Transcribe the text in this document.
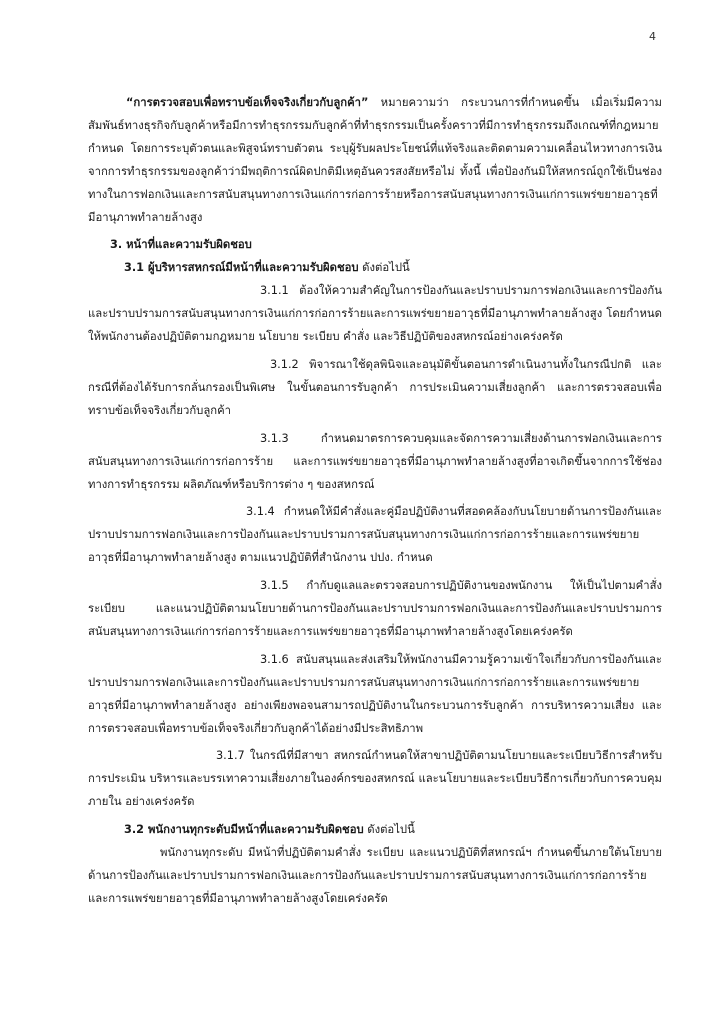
4

“การตรวจสอบเพื่อทราบข้อเท็จจริงเกี่ยวกับลูกค้า” หมายความว่า กระบวนการที่กำหนดขึ้น เมื่อเริ่มมีความสัมพันธ์ทางธุรกิจกับลูกค้าหรือมีการทำธุรกรรมกับลูกค้าที่ทำธุรกรรมเป็นครั้งคราวที่มีการทำธุรกรรมถึงเกณฑ์ที่กฎหมายกำหนด โดยการระบุตัวตนและพิสูจน์ทราบตัวตน ระบุผู้รับผลประโยชน์ที่แท้จริงและติดตามความเคลื่อนไหวทางการเงินจากการทำธุรกรรมของลูกค้าว่ามีพฤติการณ์ผิดปกติมีเหตุอันควรสงสัยหรือไม่ ทั้งนี้ เพื่อป้องกันมิให้สหกรณ์ถูกใช้เป็นช่องทางในการฟอกเงินและการสนับสนุนทางการเงินแก่การก่อการร้ายหรือการสนับสนุนทางการเงินแก่การแพร่ขยายอาวุธที่มีอานุภาพทำลายล้างสูง

3. หน้าที่และความรับผิดชอบ

3.1 ผู้บริหารสหกรณ์มีหน้าที่และความรับผิดชอบ ดังต่อไปนี้

3.1.1 ต้องให้ความสำคัญในการป้องกันและปราบปรามการฟอกเงินและการป้องกันและปราบปรามการสนับสนุนทางการเงินแก่การก่อการร้ายและการแพร่ขยายอาวุธที่มีอานุภาพทำลายล้างสูง โดยกำหนดให้พนักงานต้องปฏิบัติตามกฎหมาย นโยบาย ระเบียบ คำสั่ง และวิธีปฏิบัติของสหกรณ์อย่างเคร่งครัด

3.1.2 พิจารณาใช้ดุลพินิจและอนุมัติขั้นตอนการดำเนินงานทั้งในกรณีปกติ และกรณีที่ต้องได้รับการกลั่นกรองเป็นพิเศษ ในขั้นตอนการรับลูกค้า การประเมินความเสี่ยงลูกค้า และการตรวจสอบเพื่อทราบข้อเท็จจริงเกี่ยวกับลูกค้า

3.1.3 กำหนดมาตรการควบคุมและจัดการความเสี่ยงด้านการฟอกเงินและการสนับสนุนทางการเงินแก่การก่อการร้าย และการแพร่ขยายอาวุธที่มีอานุภาพทำลายล้างสูงที่อาจเกิดขึ้นจากการใช้ช่องทางการทำธุรกรรม ผลิตภัณฑ์หรือบริการต่าง ๆ ของสหกรณ์

3.1.4 กำหนดให้มีคำสั่งและคู่มือปฏิบัติงานที่สอดคล้องกับนโยบายด้านการป้องกันและปราบปรามการฟอกเงินและการป้องกันและปราบปรามการสนับสนุนทางการเงินแก่การก่อการร้ายและการแพร่ขยายอาวุธที่มีอานุภาพทำลายล้างสูง ตามแนวปฏิบัติที่สำนักงาน ปปง. กำหนด

3.1.5 กำกับดูแลและตรวจสอบการปฏิบัติงานของพนักงาน ให้เป็นไปตามคำสั่ง ระเบียบ และแนวปฏิบัติตามนโยบายด้านการป้องกันและปราบปรามการฟอกเงินและการป้องกันและปราบปรามการสนับสนุนทางการเงินแก่การก่อการร้ายและการแพร่ขยายอาวุธที่มีอานุภาพทำลายล้างสูงโดยเคร่งครัด

3.1.6 สนับสนุนและส่งเสริมให้พนักงานมีความรู้ความเข้าใจเกี่ยวกับการป้องกันและปราบปรามการฟอกเงินและการป้องกันและปราบปรามการสนับสนุนทางการเงินแก่การก่อการร้ายและการแพร่ขยายอาวุธที่มีอานุภาพทำลายล้างสูง อย่างเพียงพอจนสามารถปฏิบัติงานในกระบวนการรับลูกค้า การบริหารความเสี่ยง และการตรวจสอบเพื่อทราบข้อเท็จจริงเกี่ยวกับลูกค้าได้อย่างมีประสิทธิภาพ

3.1.7 ในกรณีที่มีสาขา สหกรณ์กำหนดให้สาขาปฏิบัติตามนโยบายและระเบียบวิธีการสำหรับการประเมิน บริหารและบรรเทาความเสี่ยงภายในองค์กรของสหกรณ์ และนโยบายและระเบียบวิธีการเกี่ยวกับการควบคุมภายใน อย่างเคร่งครัด

3.2 พนักงานทุกระดับมีหน้าที่และความรับผิดชอบ ดังต่อไปนี้

พนักงานทุกระดับ มีหน้าที่ปฏิบัติตามคำสั่ง ระเบียบ และแนวปฏิบัติที่สหกรณ์ฯ กำหนดขึ้นภายใต้นโยบายด้านการป้องกันและปราบปรามการฟอกเงินและการป้องกันและปราบปรามการสนับสนุนทางการเงินแก่การก่อการร้ายและการแพร่ขยายอาวุธที่มีอานุภาพทำลายล้างสูงโดยเคร่งครัด
